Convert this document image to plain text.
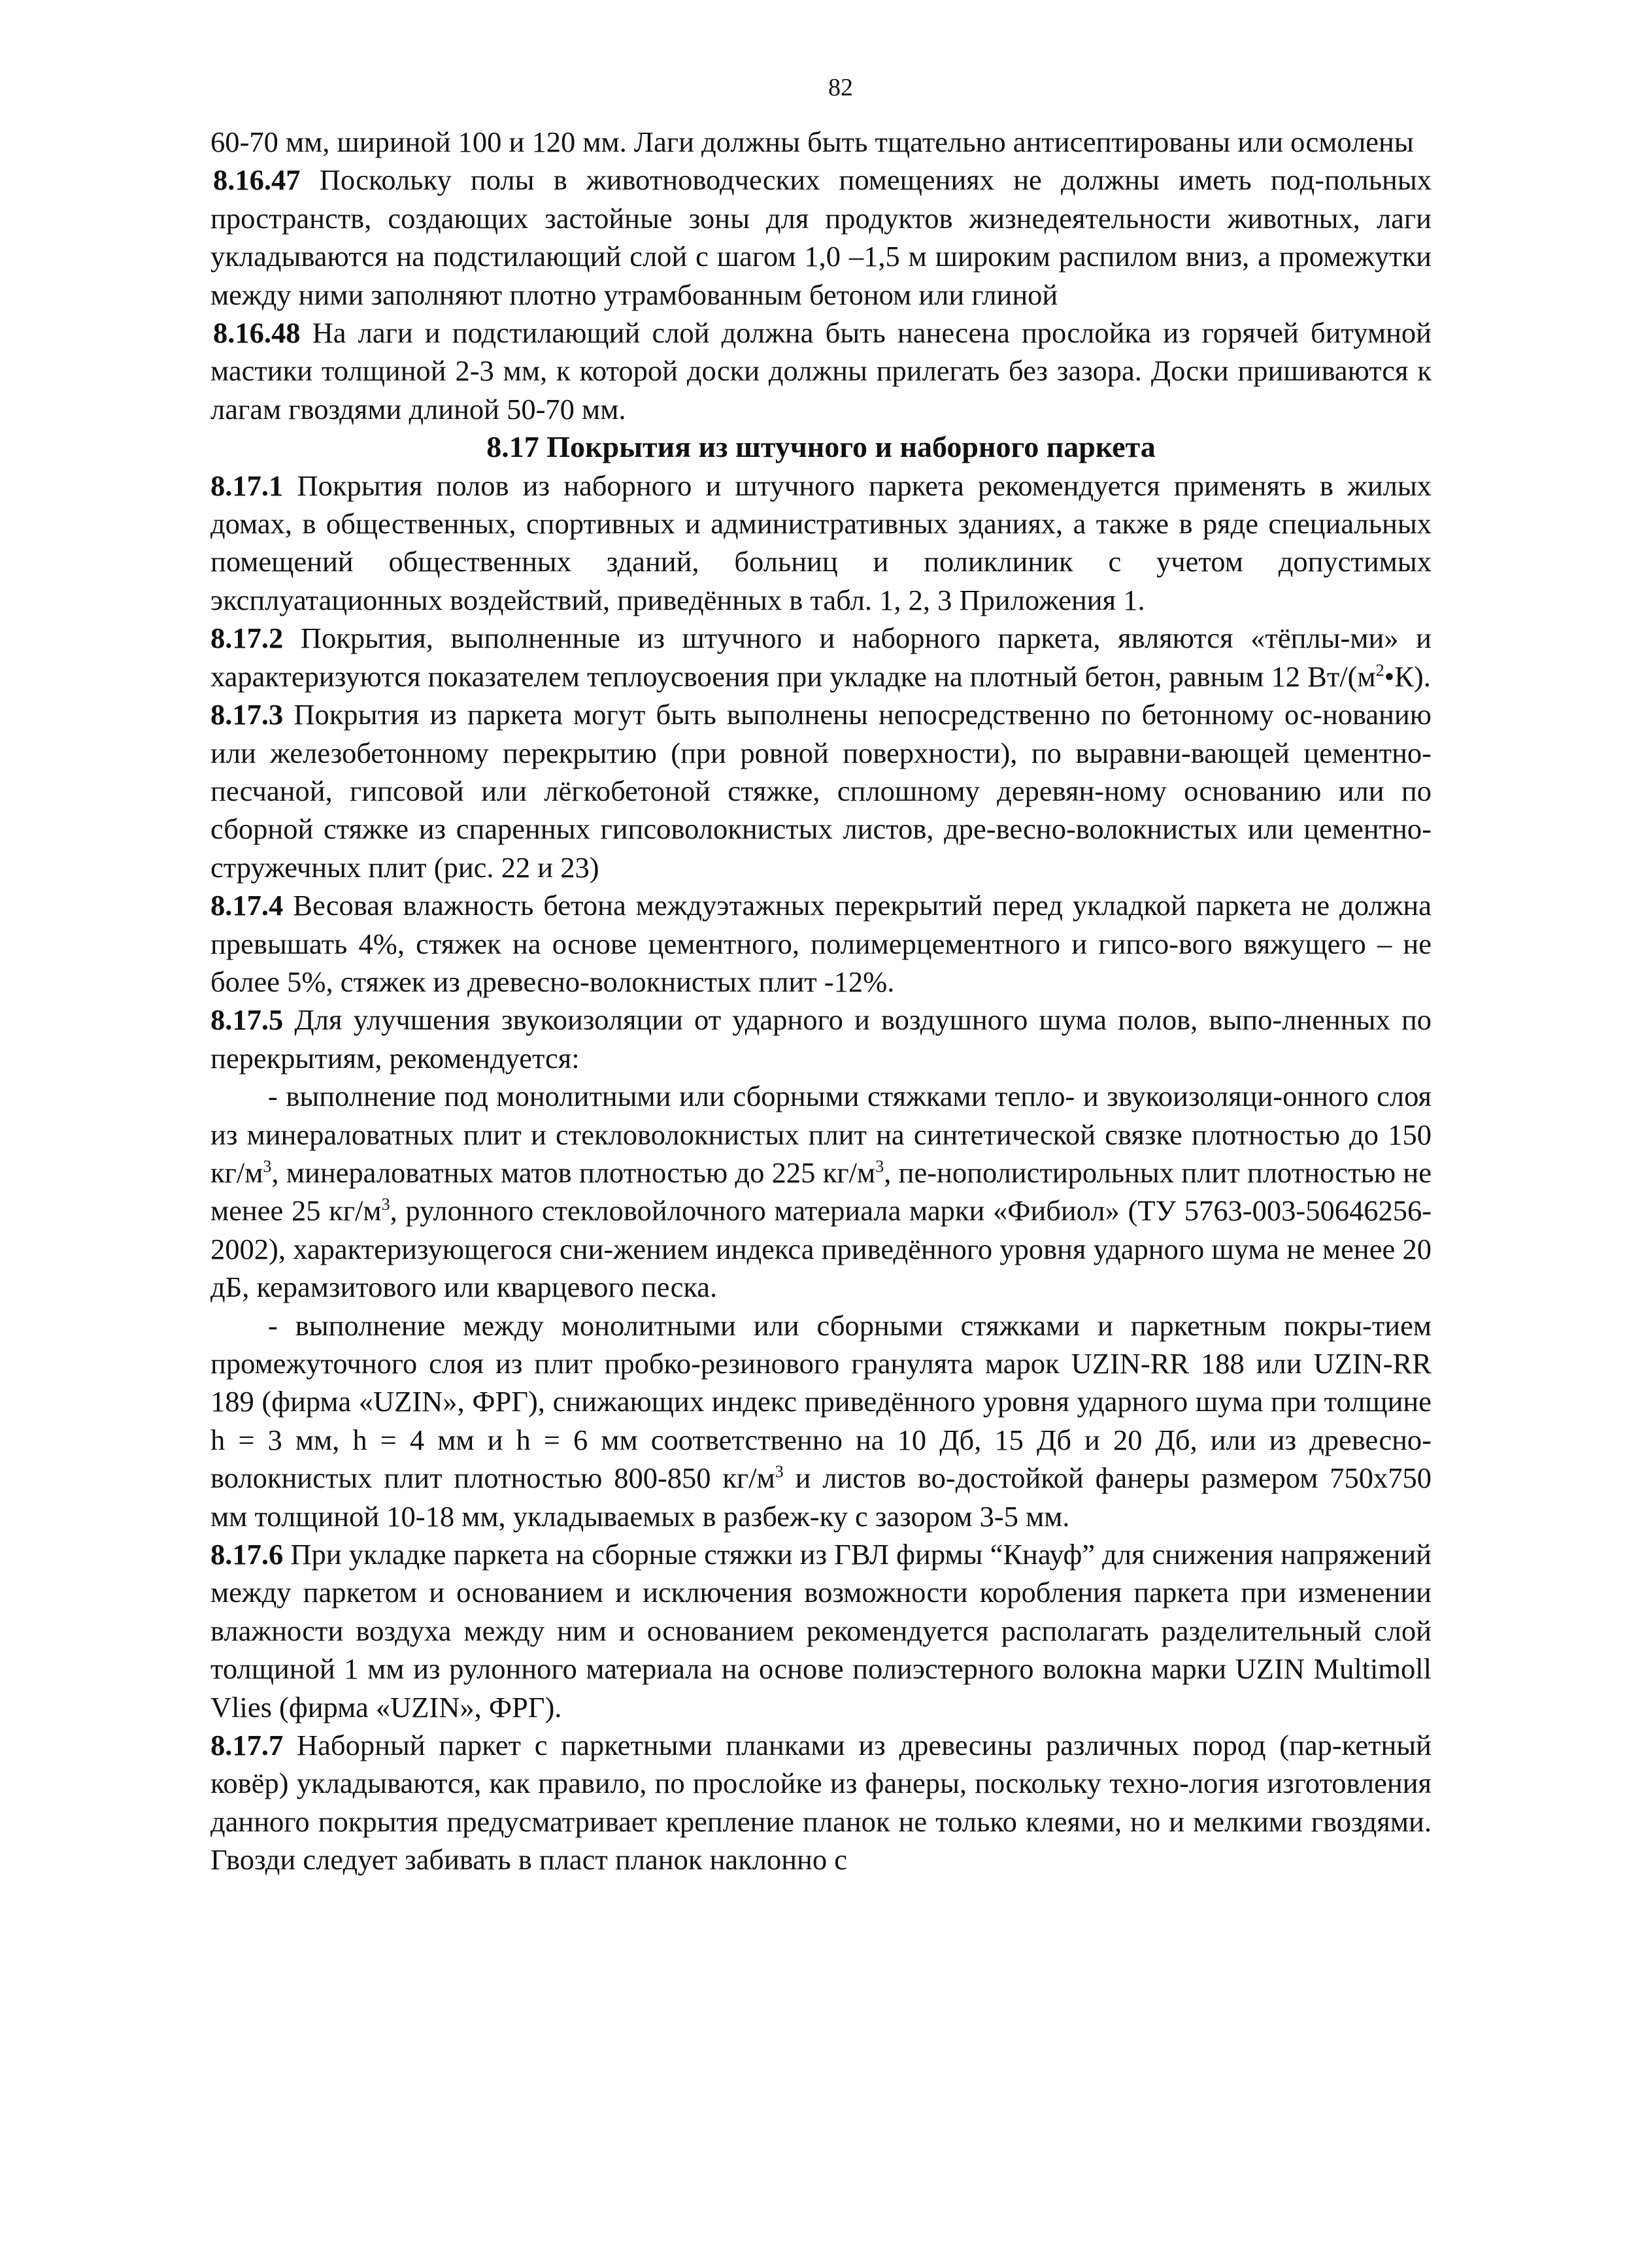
82

60-70 мм, шириной 100 и 120 мм. Лаги должны быть тщательно антисептированы или осмолены

8.16.47 Поскольку полы в животноводческих помещениях не должны иметь под-польных пространств, создающих застойные зоны для продуктов жизнедеятельности животных, лаги укладываются на подстилающий слой с шагом 1,0 –1,5 м широким распилом вниз, а промежутки между ними заполняют плотно утрамбованным бетоном или глиной

8.16.48 На лаги и подстилающий слой должна быть нанесена прослойка из горячей битумной мастики толщиной 2-3 мм, к которой доски должны прилегать без зазора. Доски пришиваются к лагам гвоздями длиной 50-70 мм.

8.17 Покрытия из штучного и наборного паркета

8.17.1 Покрытия полов из наборного и штучного паркета рекомендуется применять в жилых домах, в общественных, спортивных и административных зданиях, а также в ряде специальных помещений общественных зданий, больниц и поликлиник с учетом допустимых эксплуатационных воздействий, приведённых в табл. 1, 2, 3 Приложения 1.

8.17.2 Покрытия, выполненные из штучного и наборного паркета, являются «тёплы-ми» и характеризуются показателем теплоусвоения при укладке на плотный бетон, равным 12 $Вт/(м^2•К)$.

8.17.3 Покрытия из паркета могут быть выполнены непосредственно по бетонному ос-нованию или железобетонному перекрытию (при ровной поверхности), по выравни-вающей цементно-песчаной, гипсовой или лёгкобетоной стяжке, сплошному деревян-ному основанию или по сборной стяжке из спаренных гипсоволокнистых листов, дре-весно-волокнистых или цементно-стружечных плит (рис. 22 и 23)

8.17.4 Весовая влажность бетона междуэтажных перекрытий перед укладкой паркета не должна превышать 4%, стяжек на основе цементного, полимерцементного и гипсо-вого вяжущего – не более 5%, стяжек из древесно-волокнистых плит -12%.

8.17.5 Для улучшения звукоизоляции от ударного и воздушного шума полов, выпо-лненных по перекрытиям, рекомендуется:

- выполнение под монолитными или сборными стяжками тепло- и звукоизоляци-онного слоя из минераловатных плит и стекловолокнистых плит на синтетической связке плотностью до 150 $кг/м^3$, минераловатных матов плотностью до 225 $кг/м^3$, пе-нополистирольных плит плотностью не менее 25 $кг/м^3$, рулонного стекловойлочного материала марки «Фибиол» (ТУ 5763-003-50646256-2002), характеризующегося сни-жением индекса приведённого уровня ударного шума не менее 20 дБ, керамзитового или кварцевого песка.

- выполнение между монолитными или сборными стяжками и паркетным покры-тием промежуточного слоя из плит пробко-резинового гранулята марок UZIN-RR 188 или UZIN-RR 189 (фирма «UZIN», ФРГ), снижающих индекс приведённого уровня ударного шума при толщине h = 3 мм, h = 4 мм и h = 6 мм соответственно на 10 Дб, 15 Дб и 20 Дб, или из древесно-волокнистых плит плотностью 800-850 $кг/м^3$ и листов во-достойкой фанеры размером 750х750 мм толщиной 10-18 мм, укладываемых в разбеж-ку с зазором 3-5 мм.

8.17.6 При укладке паркета на сборные стяжки из ГВЛ фирмы “Кнауф” для снижения напряжений между паркетом и основанием и исключения возможности коробления паркета при изменении влажности воздуха между ним и основанием рекомендуется располагать разделительный слой толщиной 1 мм из рулонного материала на основе полиэстерного волокна марки UZIN Multimoll Vlies (фирма «UZIN», ФРГ).

8.17.7 Наборный паркет с паркетными планками из древесины различных пород (пар-кетный ковёр) укладываются, как правило, по прослойке из фанеры, поскольку техно-логия изготовления данного покрытия предусматривает крепление планок не только клеями, но и мелкими гвоздями. Гвозди следует забивать в пласт планок наклонно с
